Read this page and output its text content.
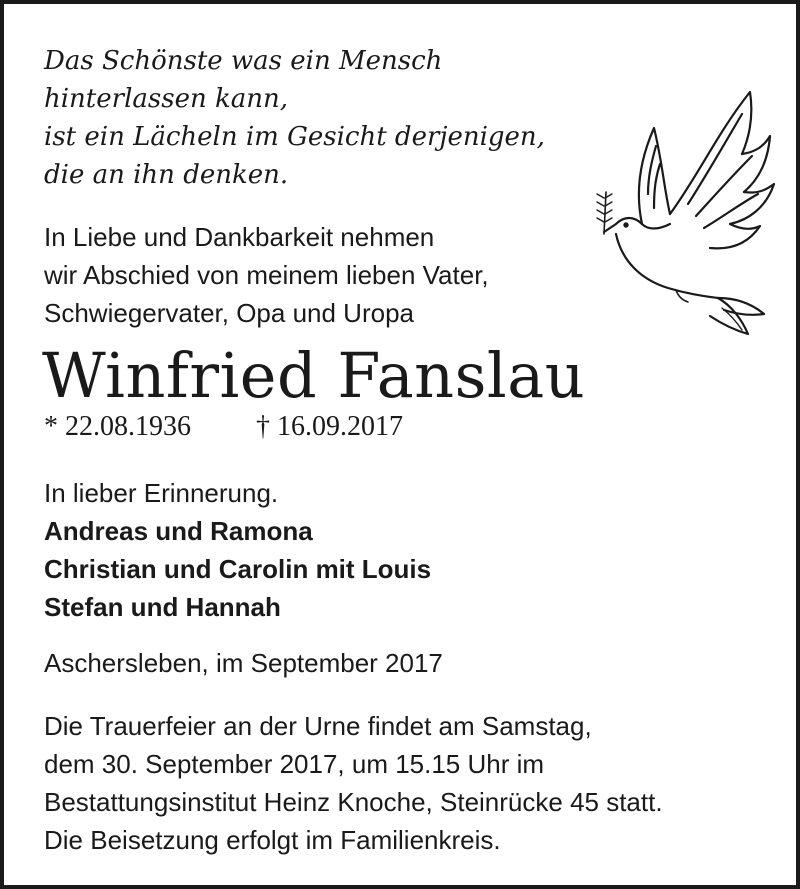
Das Schönste was ein Mensch
hinterlassen kann,
ist ein Lächeln im Gesicht derjenigen,
die an ihn denken.
In Liebe und Dankbarkeit nehmen
wir Abschied von meinem lieben Vater,
Schwiegervater, Opa und Uropa
Winfried Fanslau
* 22.08.1936 † 16.09.2017
In lieber Erinnerung.
Andreas und Ramona
Christian und Carolin mit Louis
Stefan und Hannah
Aschersleben, im September 2017
Die Trauerfeier an der Urne findet am Samstag,
dem 30. September 2017, um 15.15 Uhr im
Bestattungsinstitut Heinz Knoche, Steinrücke 45 statt.
Die Beisetzung erfolgt im Familienkreis.
